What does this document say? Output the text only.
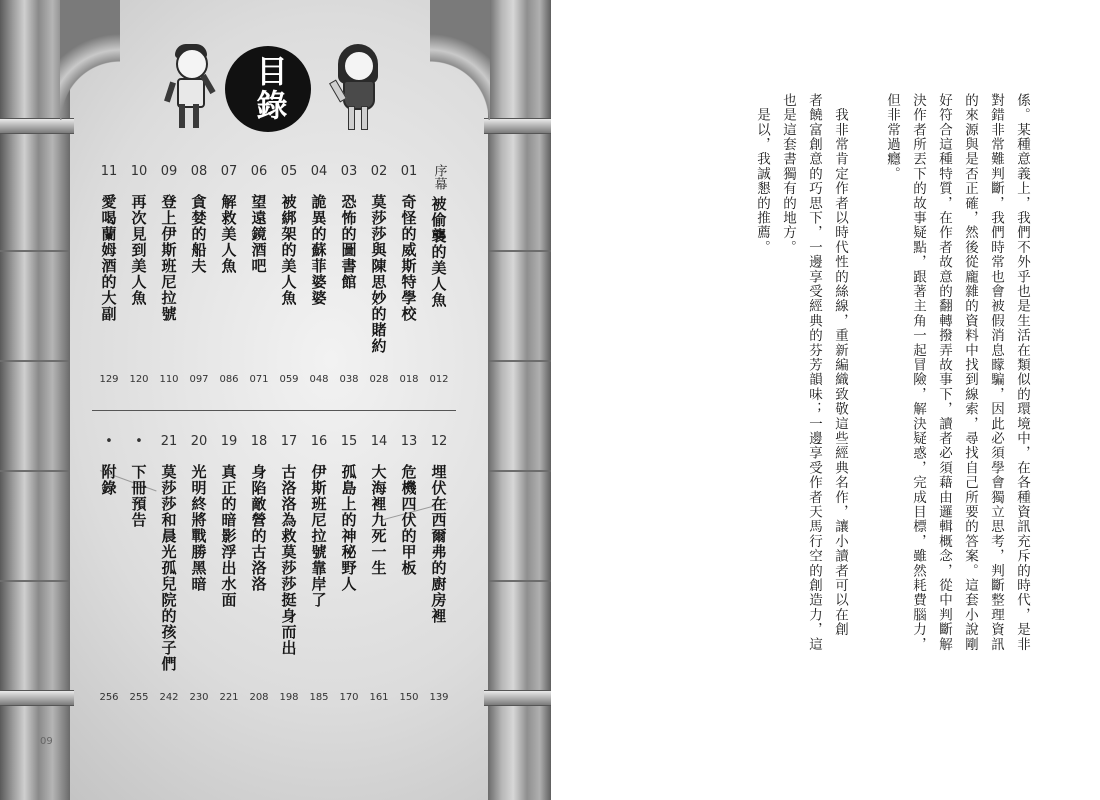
目錄
序幕
被偷襲的美人魚
012
01
奇怪的威斯特學校
018
02
莫莎莎與陳思妙的賭約
028
03
恐怖的圖書館
038
04
詭異的蘇菲婆婆
048
05
被綁架的美人魚
059
06
望遠鏡酒吧
071
07
解救美人魚
086
08
貪婪的船夫
097
09
登上伊斯班尼拉號
110
10
再次見到美人魚
120
11
愛喝蘭姆酒的大副
129
12
埋伏在西爾弗的廚房裡
139
13
危機四伏的甲板
150
14
大海裡九死一生
161
15
孤島上的神秘野人
170
16
伊斯班尼拉號靠岸了
185
17
古洛洛為救莫莎莎挺身而出
198
18
身陷敵營的古洛洛
208
19
真正的暗影浮出水面
221
20
光明終將戰勝黑暗
230
21
莫莎莎和晨光孤兒院的孩子們
242
•
下冊預告
255
•
附錄
256
09
係。某種意義上，我們不外乎也是生活在類似的環境中，在各種資訊充斥的時代，是非
對錯非常難判斷，我們時常也會被假消息矇騙，因此必須學會獨立思考，判斷整理資訊
的來源與是否正確，然後從龐雜的資料中找到線索，尋找自己所要的答案。這套小說剛
好符合這種特質，在作者故意的翻轉撥弄故事下，讀者必須藉由邏輯概念，從中判斷解
決作者所丟下的故事疑點，跟著主角一起冒險，解決疑惑，完成目標，雖然耗費腦力，
但非常過癮。
　我非常肯定作者以時代性的絲線，重新編織致敬這些經典名作，讓小讀者可以在創
者饒富創意的巧思下，一邊享受經典的芬芳韻味；一邊享受作者天馬行空的創造力，這
也是這套書獨有的地方。
　是以，我誠懇的推薦。
